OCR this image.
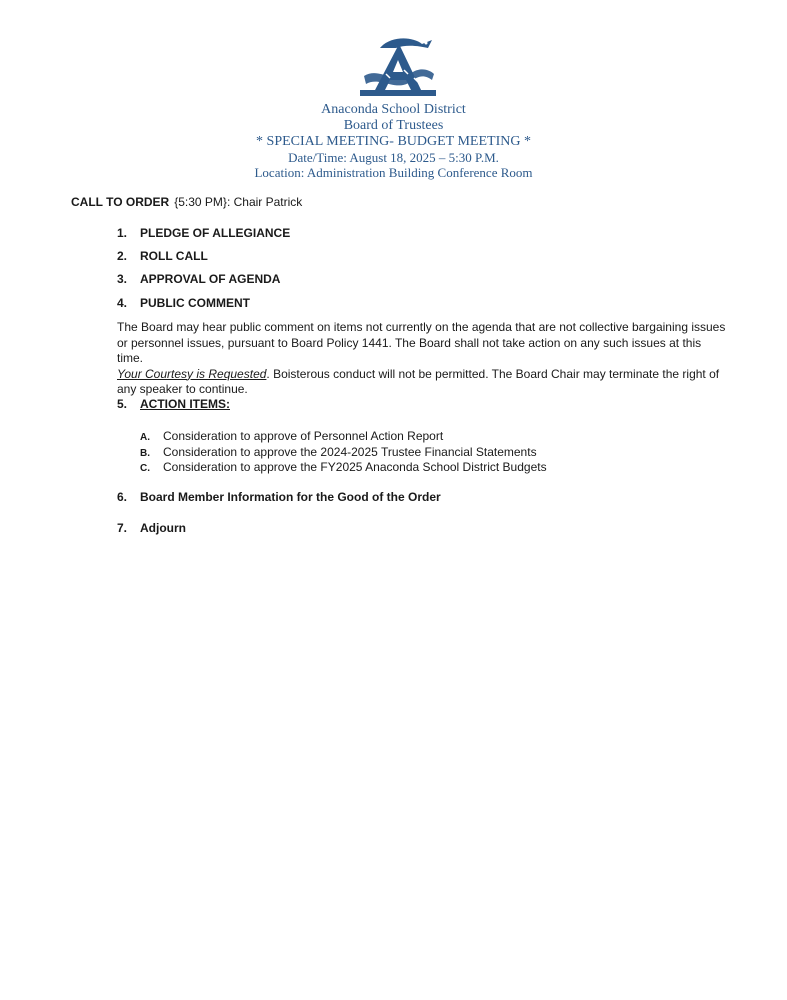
Anaconda School District
Board of Trustees
* SPECIAL MEETING- BUDGET MEETING *
Date/Time: August 18, 2025 – 5:30 P.M.
Location: Administration Building Conference Room
CALL TO ORDER {5:30 PM}: Chair Patrick
1. PLEDGE OF ALLEGIANCE
2. ROLL CALL
3. APPROVAL OF AGENDA
4. PUBLIC COMMENT
The Board may hear public comment on items not currently on the agenda that are not collective bargaining issues or personnel issues, pursuant to Board Policy 1441. The Board shall not take action on any such issues at this time.
Your Courtesy is Requested. Boisterous conduct will not be permitted. The Board Chair may terminate the right of any speaker to continue.
5. ACTION ITEMS:
A. Consideration to approve of Personnel Action Report
B. Consideration to approve the 2024-2025 Trustee Financial Statements
C. Consideration to approve the FY2025 Anaconda School District Budgets
6. Board Member Information for the Good of the Order
7. Adjourn
